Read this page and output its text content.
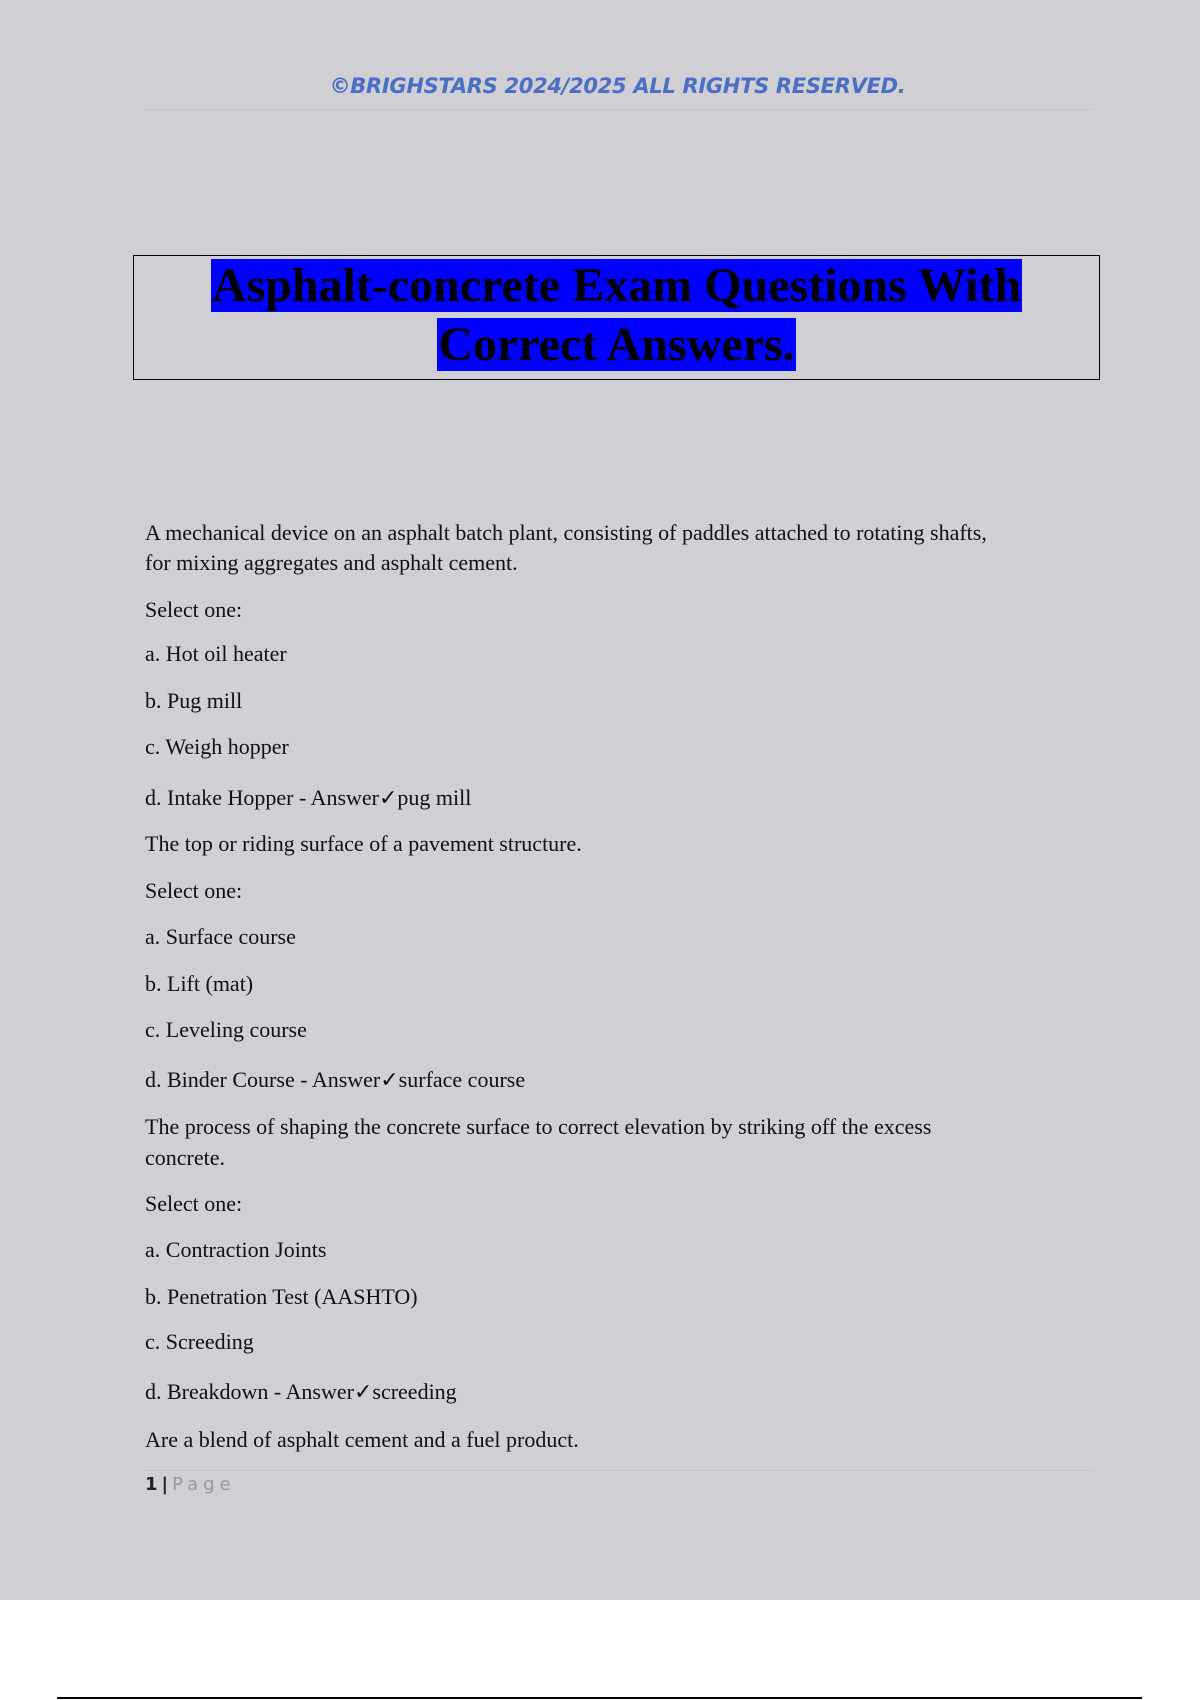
©BRIGHSTARS 2024/2025 ALL RIGHTS RESERVED.
Asphalt-concrete Exam Questions With
Correct Answers.
A mechanical device on an asphalt batch plant, consisting of paddles attached to rotating shafts,
for mixing aggregates and asphalt cement.
Select one:
a. Hot oil heater
b. Pug mill
c. Weigh hopper
d. Intake Hopper - Answer✓pug mill
The top or riding surface of a pavement structure.
Select one:
a. Surface course
b. Lift (mat)
c. Leveling course
d. Binder Course - Answer✓surface course
The process of shaping the concrete surface to correct elevation by striking off the excess
concrete.
Select one:
a. Contraction Joints
b. Penetration Test (AASHTO)
c. Screeding
d. Breakdown - Answer✓screeding
Are a blend of asphalt cement and a fuel product.
1 | Page
